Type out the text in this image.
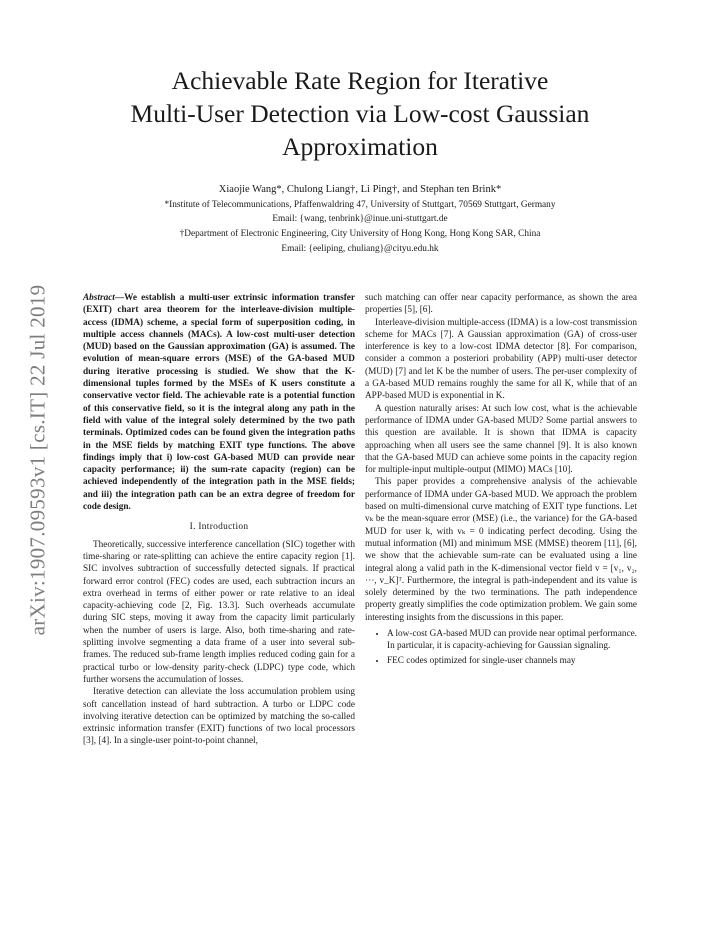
Achievable Rate Region for Iterative
Multi-User Detection via Low-cost Gaussian
Approximation
Xiaojie Wang*, Chulong Liang†, Li Ping†, and Stephan ten Brink*
*Institute of Telecommunications, Pfaffenwaldring 47, University of Stuttgart, 70569 Stuttgart, Germany
Email: {wang, tenbrink}@inue.uni-stuttgart.de
†Department of Electronic Engineering, City University of Hong Kong, Hong Kong SAR, China
Email: {eeliping, chuliang}@cityu.edu.hk
arXiv:1907.09593v1 [cs.IT] 22 Jul 2019	Abstract—We establish a multi-user extrinsic information transfer (EXIT) chart area theorem for the interleave-division multiple-access (IDMA) scheme, a special form of superposition coding, in multiple access channels (MACs). A low-cost multi-user detection (MUD) based on the Gaussian approximation (GA) is assumed. The evolution of mean-square errors (MSE) of the GA-based MUD during iterative processing is studied. We show that the K-dimensional tuples formed by the MSEs of K users constitute a conservative vector field. The achievable rate is a potential function of this conservative field, so it is the integral along any path in the field with value of the integral solely determined by the two path terminals. Optimized codes can be found given the integration paths in the MSE fields by matching EXIT type functions. The above findings imply that i) low-cost GA-based MUD can provide near capacity performance; ii) the sum-rate capacity (region) can be achieved independently of the integration path in the MSE fields; and iii) the integration path can be an extra degree of freedom for code design.

I. Introduction

Theoretically, successive interference cancellation (SIC) together with time-sharing or rate-splitting can achieve the entire capacity region [1]. SIC involves subtraction of successfully detected signals. If practical forward error control (FEC) codes are used, each subtraction incurs an extra overhead in terms of either power or rate relative to an ideal capacity-achieving code [2, Fig. 13.3]. Such overheads accumulate during SIC steps, moving it away from the capacity limit particularly when the number of users is large. Also, both time-sharing and rate-splitting involve segmenting a data frame of a user into several sub-frames. The reduced sub-frame length implies reduced coding gain for a practical turbo or low-density parity-check (LDPC) type code, which further worsens the accumulation of losses.

Iterative detection can alleviate the loss accumulation problem using soft cancellation instead of hard subtraction. A turbo or LDPC code involving iterative detection can be optimized by matching the so-called extrinsic information transfer (EXIT) functions of two local processors [3], [4]. In a single-user point-to-point channel,

such matching can offer near capacity performance, as shown the area properties [5], [6].

Interleave-division multiple-access (IDMA) is a low-cost transmission scheme for MACs [7]. A Gaussian approximation (GA) of cross-user interference is key to a low-cost IDMA detector [8]. For comparison, consider a common a posteriori probability (APP) multi-user detector (MUD) [7] and let K be the number of users. The per-user complexity of a GA-based MUD remains roughly the same for all K, while that of an APP-based MUD is exponential in K.

A question naturally arises: At such low cost, what is the achievable performance of IDMA under GA-based MUD? Some partial answers to this question are available. It is shown that IDMA is capacity approaching when all users see the same channel [9]. It is also known that the GA-based MUD can achieve some points in the capacity region for multiple-input multiple-output (MIMO) MACs [10].

This paper provides a comprehensive analysis of the achievable performance of IDMA under GA-based MUD. We approach the problem based on multi-dimensional curve matching of EXIT type functions. Let vₖ be the mean-square error (MSE) (i.e., the variance) for the GA-based MUD for user k, with vₖ = 0 indicating perfect decoding. Using the mutual information (MI) and minimum MSE (MMSE) theorem [11], [6], we show that the achievable sum-rate can be evaluated using a line integral along a valid path in the K-dimensional vector field v = [v₁, v₂, ⋯, v_K]ᵀ. Furthermore, the integral is path-independent and its value is solely determined by the two terminations. The path independence property greatly simplifies the code optimization problem. We gain some interesting insights from the discussions in this paper.

• A low-cost GA-based MUD can provide near optimal performance. In particular, it is capacity-achieving for Gaussian signaling.
• FEC codes optimized for single-user channels may
